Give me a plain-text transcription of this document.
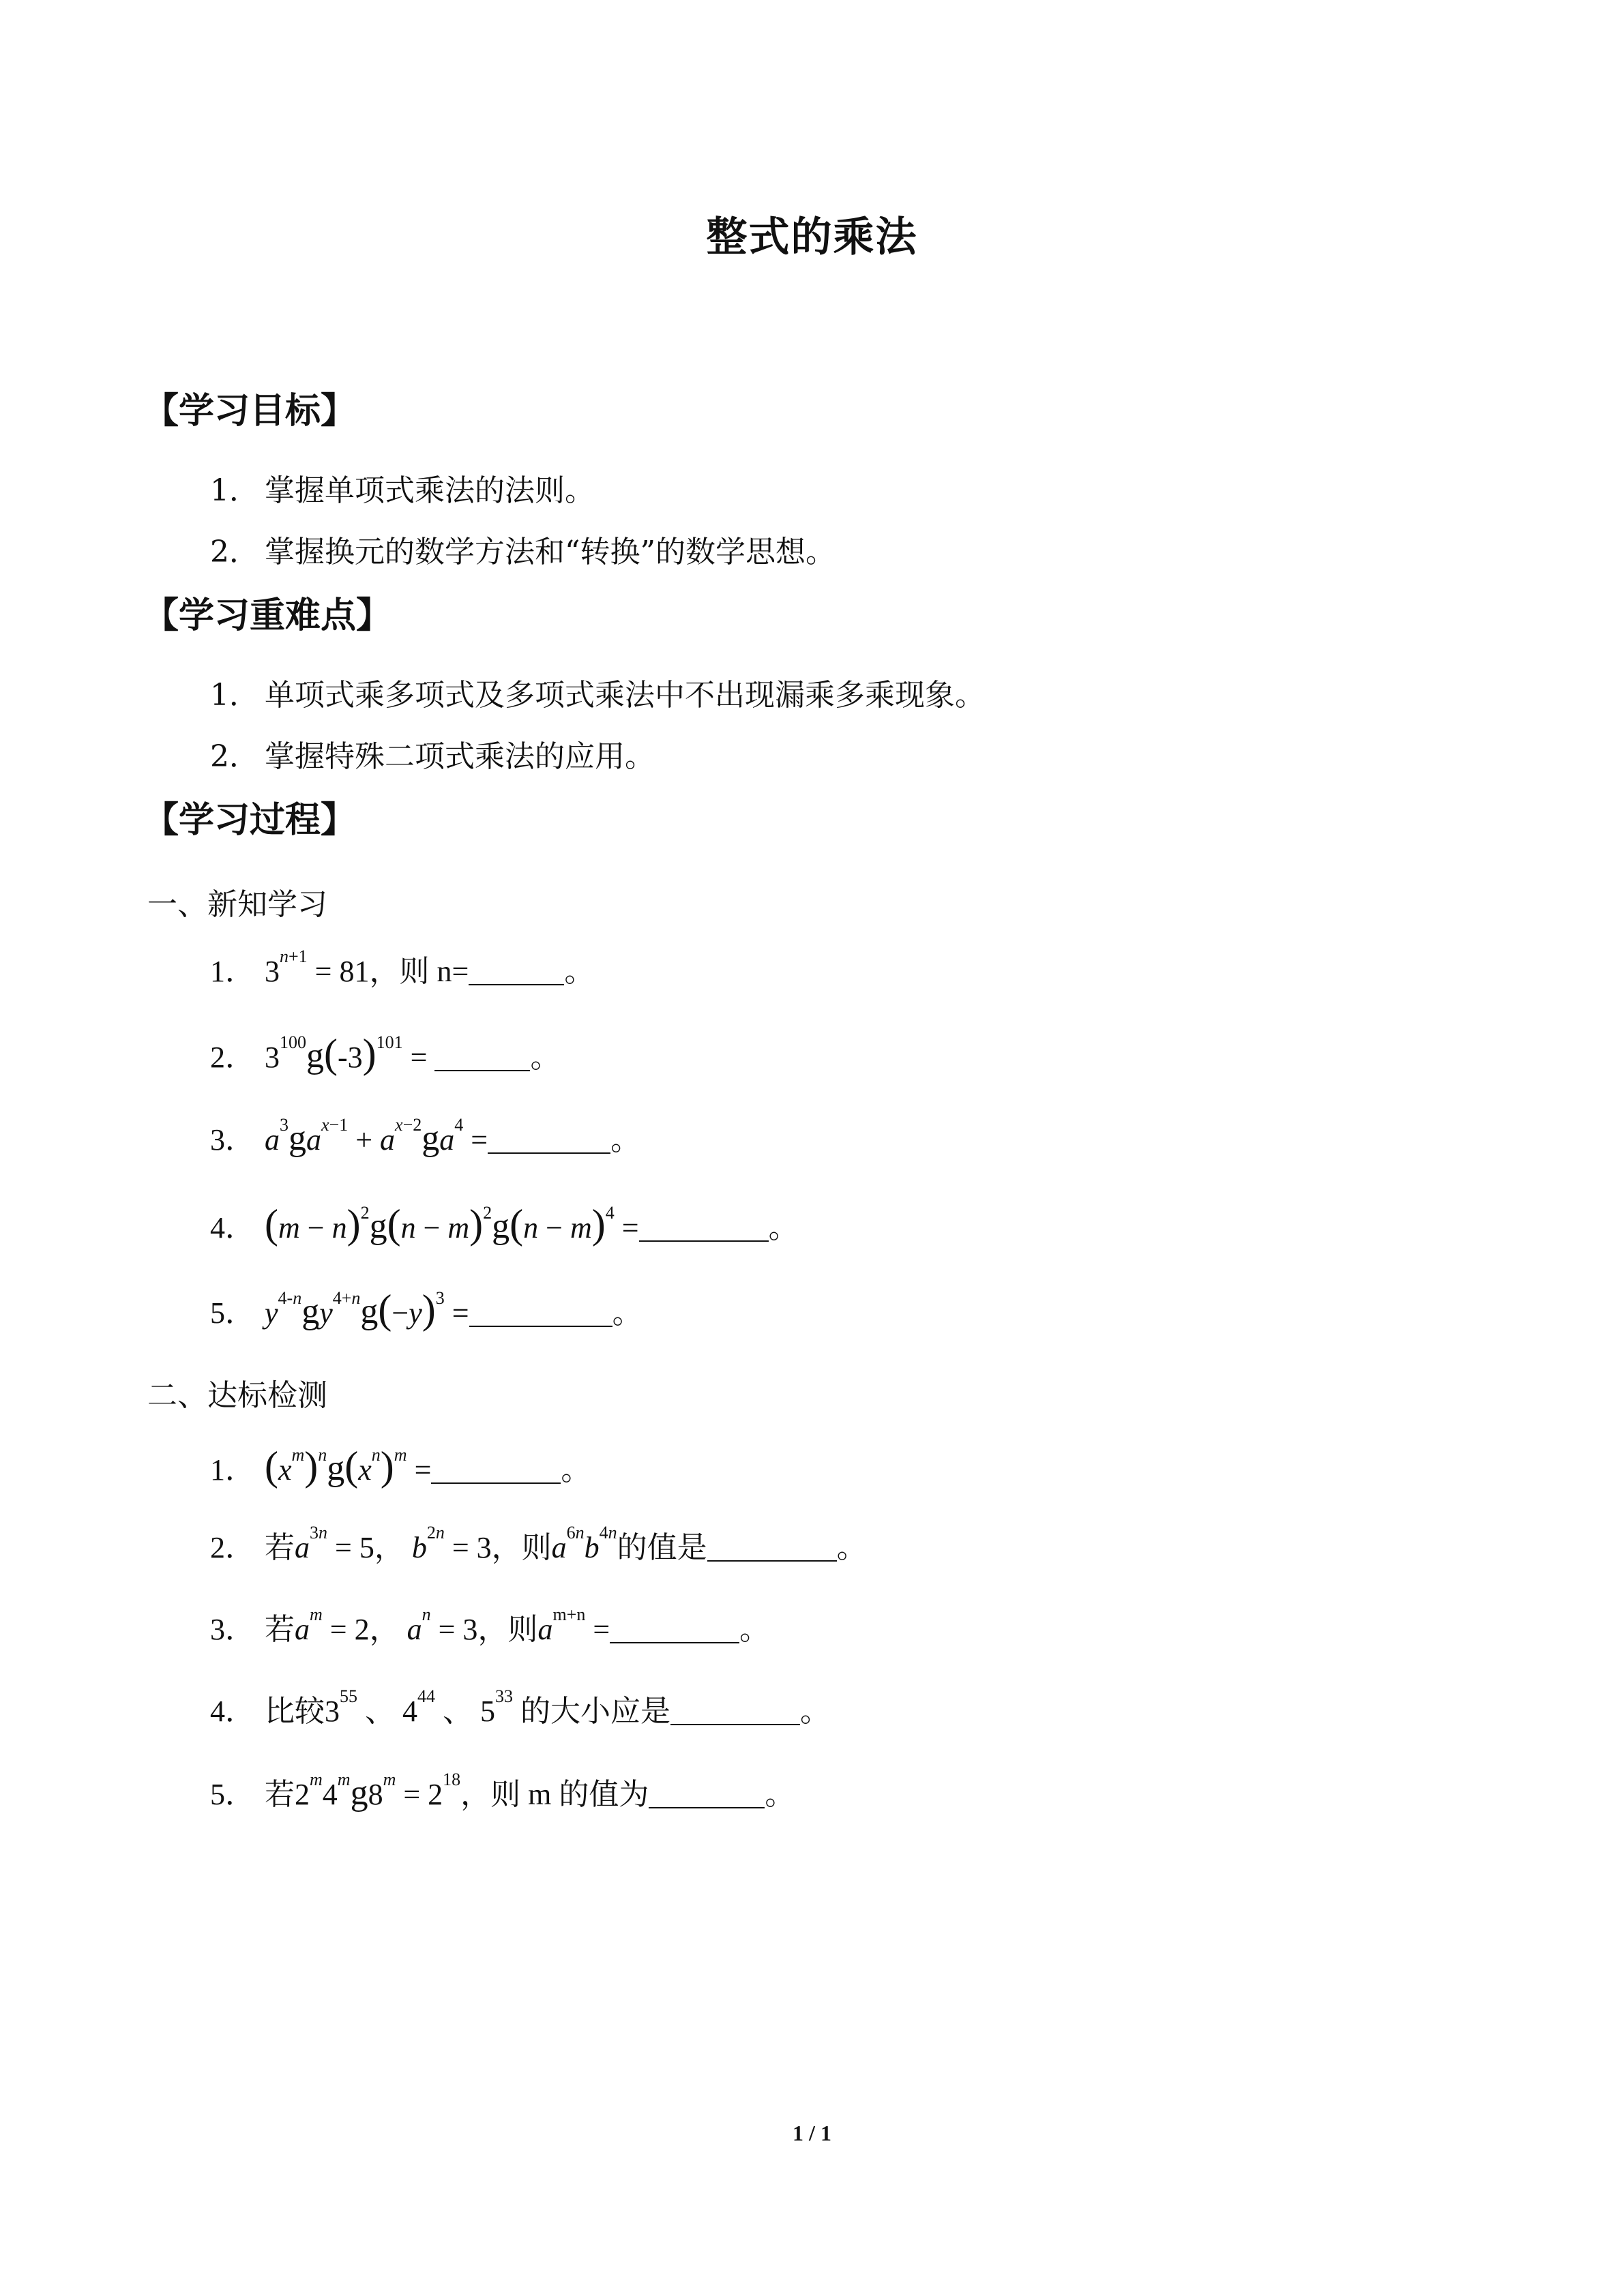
整式的乘法
【学习目标】
1． 掌握单项式乘法的法则。
2． 掌握换元的数学方法和“转换”的数学思想。
【学习重难点】
1． 单项式乘多项式及多项式乘法中不出现漏乘多乘现象。
2． 掌握特殊二项式乘法的应用。
【学习过程】
一、新知学习
1． $3^{n+1} = 81$，则 n=	。
2． $3^{100}g(-3)^{101}$ =	。
3． $a^3ga^{x-1} + a^{x-2}ga^4$ =	。
4． $(m - n)^2g(n - m)^2g(n - m)^4$ =	。
5． $y^{4-n}gy^{4+n}g(-y)^3$ =	。
二、达标检测
1． $(x^m)^ng(x^n)^m$ =	。
2． 若$a^{3n} = 5$， $b^{2n} = 3$，则$a^{6n}b^{4n}$的值是	。
3． 若$a^m = 2$， $a^n = 3$，则$a^{m+n}$ =	。
4． 比较$3^{55}$ 、 $4^{44}$ 、 $5^{33}$ 的大小应是	。
5． 若$2^m4^mg8^m = 2^{18}$，则 m 的值为	。
1 / 1
